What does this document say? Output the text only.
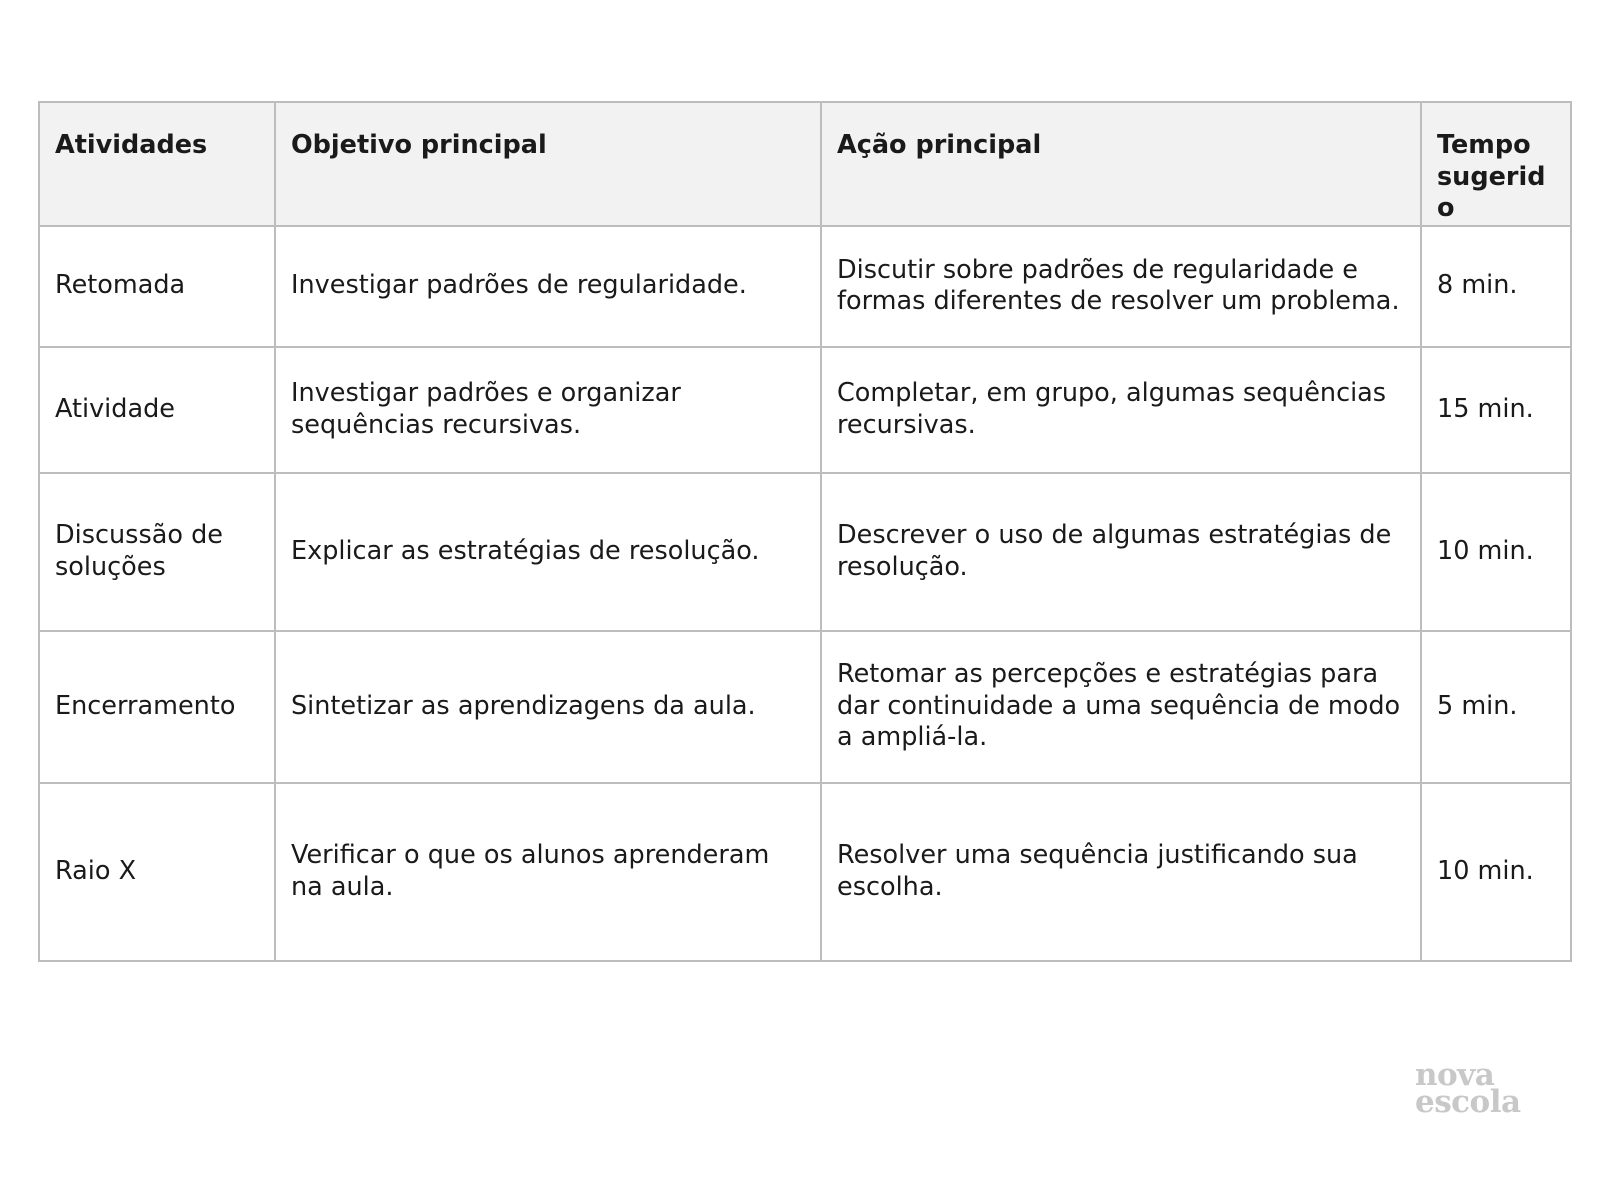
Atividades	Objetivo principal	Ação principal	Tempo sugerido
Retomada	Investigar padrões de regularidade.	Discutir sobre padrões de regularidade e formas diferentes de resolver um problema.	8 min.
Atividade	Investigar padrões e organizar sequências recursivas.	Completar, em grupo, algumas sequências recursivas.	15 min.
Discussão de soluções	Explicar as estratégias de resolução.	Descrever o uso de algumas estratégias de resolução.	10 min.
Encerramento	Sintetizar as aprendizagens da aula.	Retomar as percepções e estratégias para dar continuidade a uma sequência de modo a ampliá-la.	5 min.
Raio X	Verificar o que os alunos aprenderam na aula.	Resolver uma sequência justificando sua escolha.	10 min.
nova
escola
